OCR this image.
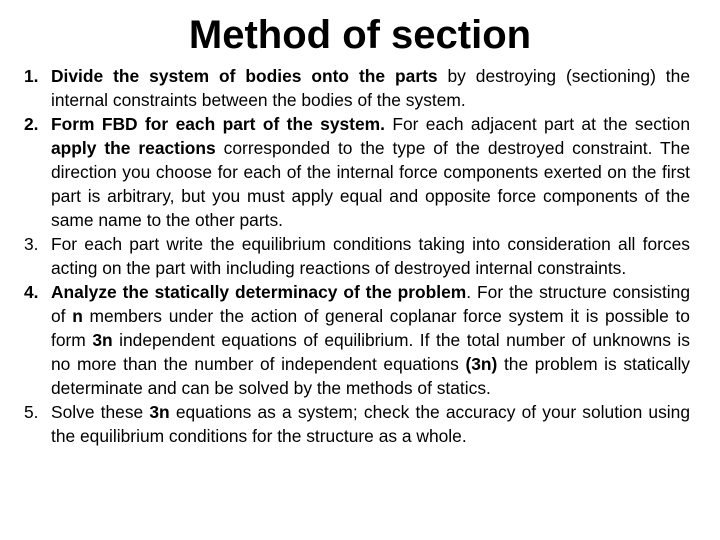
Method of section
1. Divide the system of bodies onto the parts by destroying (sectioning) the internal constraints between the bodies of the system.
2. Form FBD for each part of the system. For each adjacent part at the section apply the reactions corresponded to the type of the destroyed constraint. The direction you choose for each of the internal force components exerted on the first part is arbitrary, but you must apply equal and opposite force components of the same name to the other parts.
3. For each part write the equilibrium conditions taking into consideration all forces acting on the part with including reactions of destroyed internal constraints.
4. Analyze the statically determinacy of the problem. For the structure consisting of n members under the action of general coplanar force system it is possible to form 3n independent equations of equilibrium. If the total number of unknowns is no more than the number of independent equations (3n) the problem is statically determinate and can be solved by the methods of statics.
5. Solve these 3n equations as a system; check the accuracy of your solution using the equilibrium conditions for the structure as a whole.
